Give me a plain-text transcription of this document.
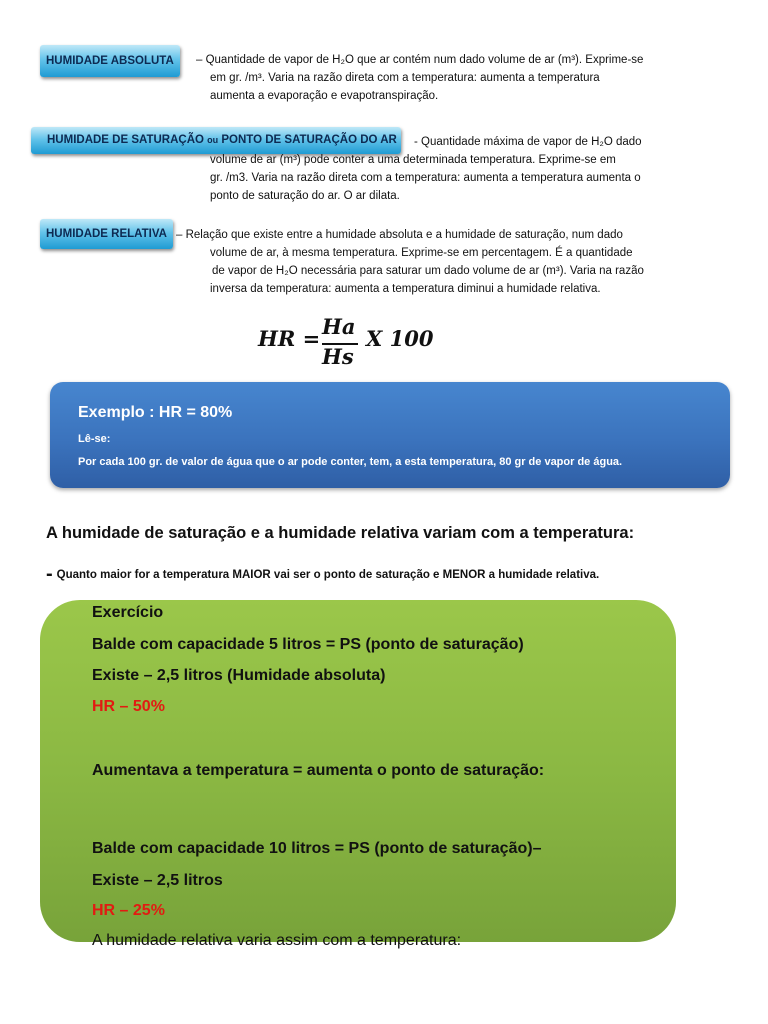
HUMIDADE ABSOLUTA	– Quantidade de vapor de H₂O que ar contém num dado volume de ar (m³). Exprime-se
em gr. /m³. Varia na razão direta com a temperatura: aumenta a temperatura
aumenta a evaporação e evapotranspiração.
HUMIDADE DE SATURAÇÃO ou PONTO DE SATURAÇÃO DO AR	- Quantidade máxima de vapor de H₂O dado
volume de ar (m³) pode conter a uma determinada temperatura. Exprime-se em
gr. /m3. Varia na razão direta com a temperatura: aumenta a temperatura aumenta o
ponto de saturação do ar. O ar dilata.
HUMIDADE RELATIVA – Relação que existe entre a humidade absoluta e a humidade de saturação, num dado
volume de ar, à mesma temperatura. Exprime-se em percentagem. É a quantidade
de vapor de H₂O necessária para saturar um dado volume de ar (m³). Varia na razão
inversa da temperatura: aumenta a temperatura diminui a humidade relativa.
HR = Ha
Hs
X 100
Exemplo : HR = 80%
Lê-se:
Por cada 100 gr. de valor de água que o ar pode conter, tem, a esta temperatura, 80 gr de vapor de água.
A humidade de saturação e a humidade relativa variam com a temperatura:
- Quanto maior for a temperatura MAIOR vai ser o ponto de saturação e MENOR a humidade relativa.
Exercício
Balde com capacidade 5 litros = PS (ponto de saturação)
Existe – 2,5 litros (Humidade absoluta)
HR – 50%
Aumentava a temperatura = aumenta o ponto de saturação:
Balde com capacidade 10 litros = PS (ponto de saturação)–
Existe – 2,5 litros
HR – 25%
A humidade relativa varia assim com a temperatura:
